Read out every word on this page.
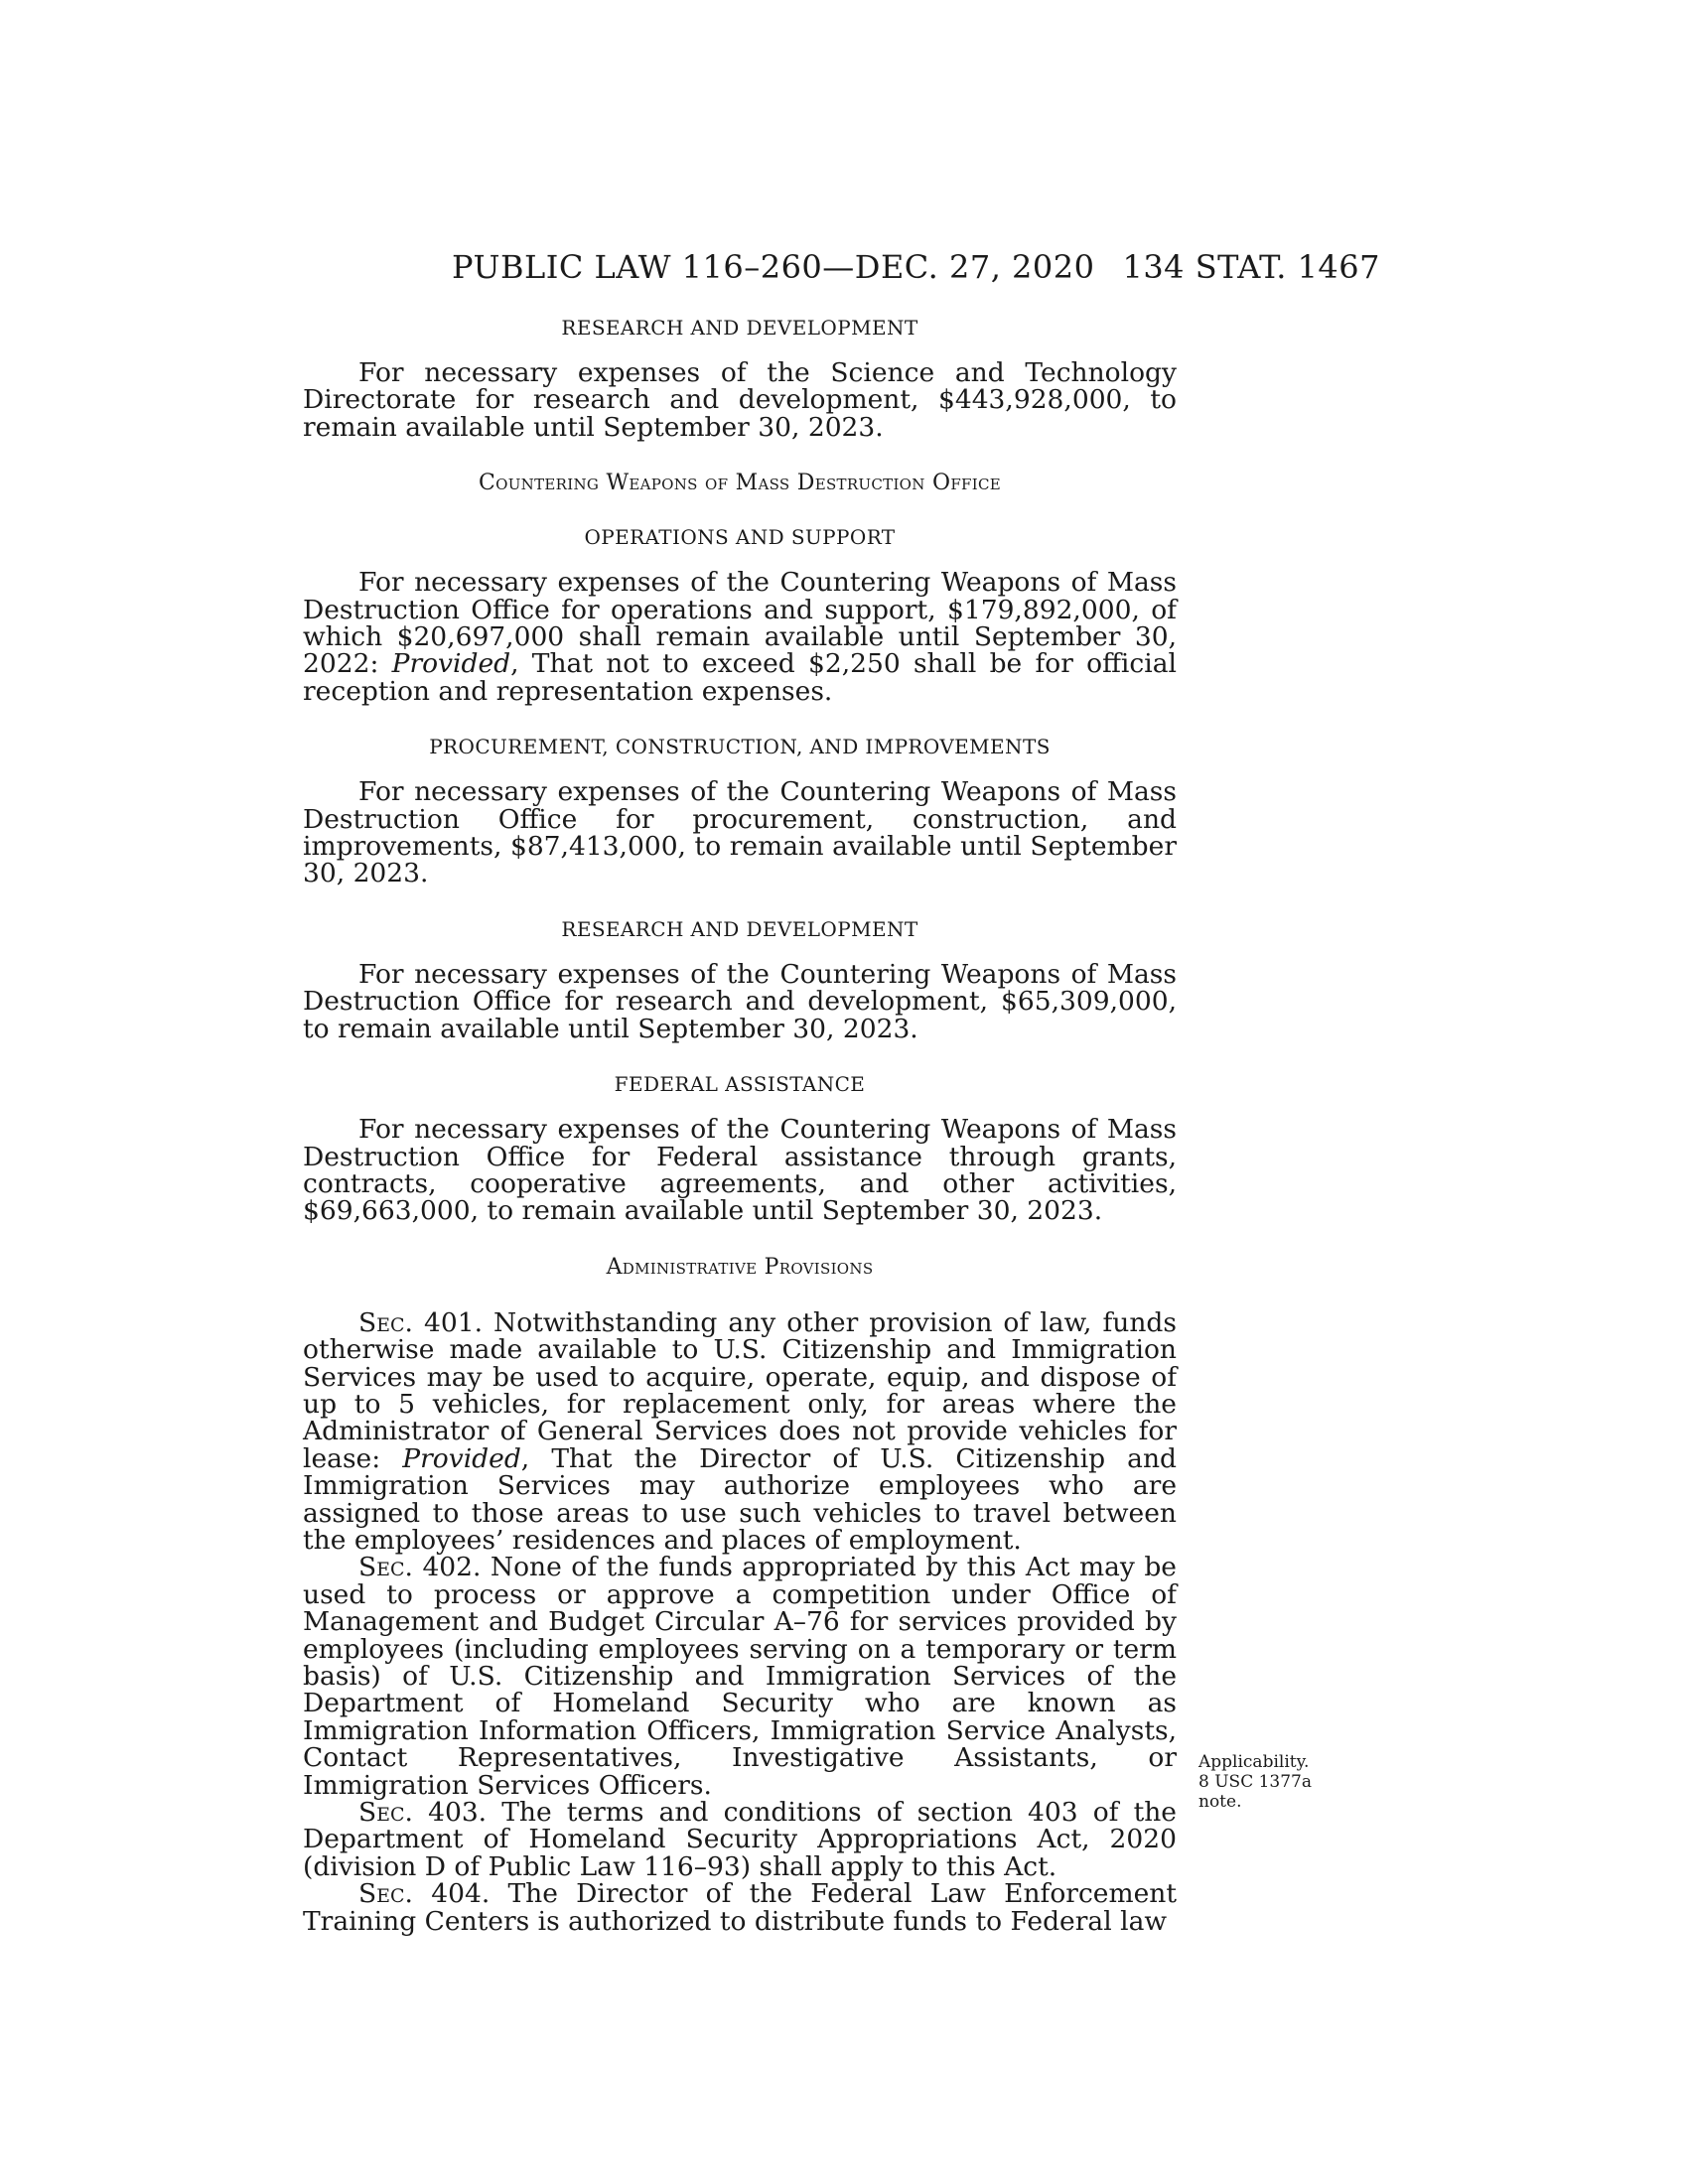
PUBLIC LAW 116–260—DEC. 27, 2020 134 STAT. 1467

RESEARCH AND DEVELOPMENT

For necessary expenses of the Science and Technology Directorate for research and development, $443,928,000, to remain available until September 30, 2023.

Countering Weapons of Mass Destruction Office

OPERATIONS AND SUPPORT

For necessary expenses of the Countering Weapons of Mass Destruction Office for operations and support, $179,892,000, of which $20,697,000 shall remain available until September 30, 2022: Provided, That not to exceed $2,250 shall be for official reception and representation expenses.

PROCUREMENT, CONSTRUCTION, AND IMPROVEMENTS

For necessary expenses of the Countering Weapons of Mass Destruction Office for procurement, construction, and improvements, $87,413,000, to remain available until September 30, 2023.

RESEARCH AND DEVELOPMENT

For necessary expenses of the Countering Weapons of Mass Destruction Office for research and development, $65,309,000, to remain available until September 30, 2023.

FEDERAL ASSISTANCE

For necessary expenses of the Countering Weapons of Mass Destruction Office for Federal assistance through grants, contracts, cooperative agreements, and other activities, $69,663,000, to remain available until September 30, 2023.

Administrative Provisions

Sec. 401. Notwithstanding any other provision of law, funds otherwise made available to U.S. Citizenship and Immigration Services may be used to acquire, operate, equip, and dispose of up to 5 vehicles, for replacement only, for areas where the Administrator of General Services does not provide vehicles for lease: Provided, That the Director of U.S. Citizenship and Immigration Services may authorize employees who are assigned to those areas to use such vehicles to travel between the employees’ residences and places of employment.

Sec. 402. None of the funds appropriated by this Act may be used to process or approve a competition under Office of Management and Budget Circular A–76 for services provided by employees (including employees serving on a temporary or term basis) of U.S. Citizenship and Immigration Services of the Department of Homeland Security who are known as Immigration Information Officers, Immigration Service Analysts, Contact Representatives, Investigative Assistants, or Immigration Services Officers.

Sec. 403. The terms and conditions of section 403 of the Department of Homeland Security Appropriations Act, 2020 (division D of Public Law 116–93) shall apply to this Act.

Sec. 404. The Director of the Federal Law Enforcement Training Centers is authorized to distribute funds to Federal law

Applicability.
8 USC 1377a
note.
